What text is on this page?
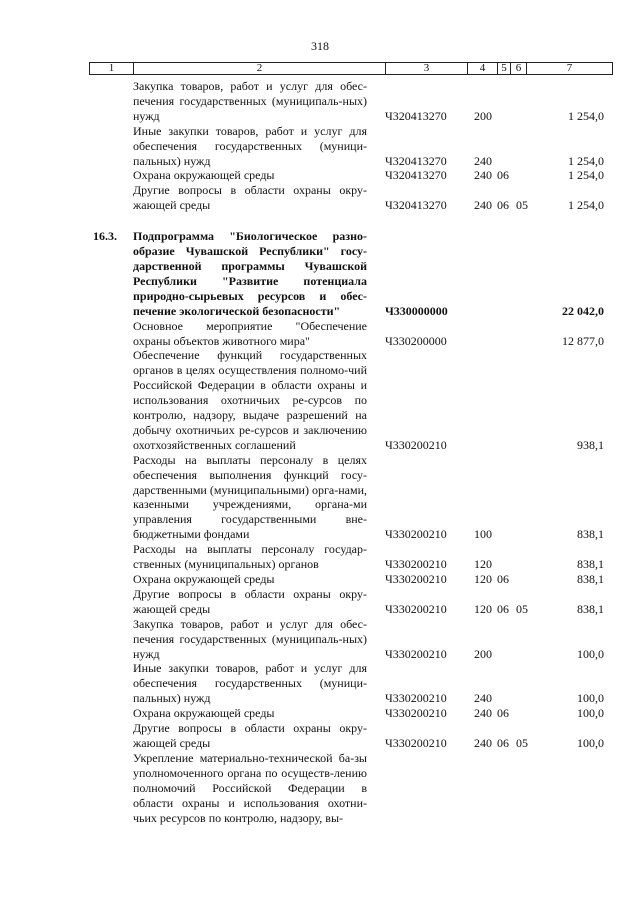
318
1	2	3	4	5 6	7
Закупка товаров, работ и услуг для обес-печения государственных (муниципаль-ных) нужд	Ч320413270 200	1 254,0
Иные закупки товаров, работ и услуг для обеспечения государственных (муници-пальных) нужд	Ч320413270 240	1 254,0
Охрана окружающей среды	Ч320413270 240 06	1 254,0
Другие вопросы в области охраны окру-жающей среды	Ч320413270 240 06 05	1 254,0
16.3.	Подпрограмма "Биологическое разно-образие Чувашской Республики" госу-дарственной программы Чувашской Республики "Развитие потенциала природно-сырьевых ресурсов и обес-печение экологической безопасности"	Ч330000000	22 042,0
Основное мероприятие "Обеспечение охраны объектов животного мира"	Ч330200000	12 877,0
Обеспечение функций государственных органов в целях осуществления полномо-чий Российской Федерации в области охраны и использования охотничьих ре-сурсов по контролю, надзору, выдаче разрешений на добычу охотничьих ре-сурсов и заключению охотхозяйственных соглашений	Ч330200210	938,1
Расходы на выплаты персоналу в целях обеспечения выполнения функций госу-дарственными (муниципальными) орга-нами, казенными учреждениями, органа-ми управления государственными вне-бюджетными фондами	Ч330200210 100	838,1
Расходы на выплаты персоналу государ-ственных (муниципальных) органов	Ч330200210 120	838,1
Охрана окружающей среды	Ч330200210 120 06	838,1
Другие вопросы в области охраны окру-жающей среды	Ч330200210 120 06 05	838,1
Закупка товаров, работ и услуг для обес-печения государственных (муниципаль-ных) нужд	Ч330200210 200	100,0
Иные закупки товаров, работ и услуг для обеспечения государственных (муници-пальных) нужд	Ч330200210 240	100,0
Охрана окружающей среды	Ч330200210 240 06	100,0
Другие вопросы в области охраны окру-жающей среды	Ч330200210 240 06 05	100,0
Укрепление материально-технической ба-зы уполномоченного органа по осуществ-лению полномочий Российской Федерации в области охраны и использования охотни-чьих ресурсов по контролю, надзору, вы-
